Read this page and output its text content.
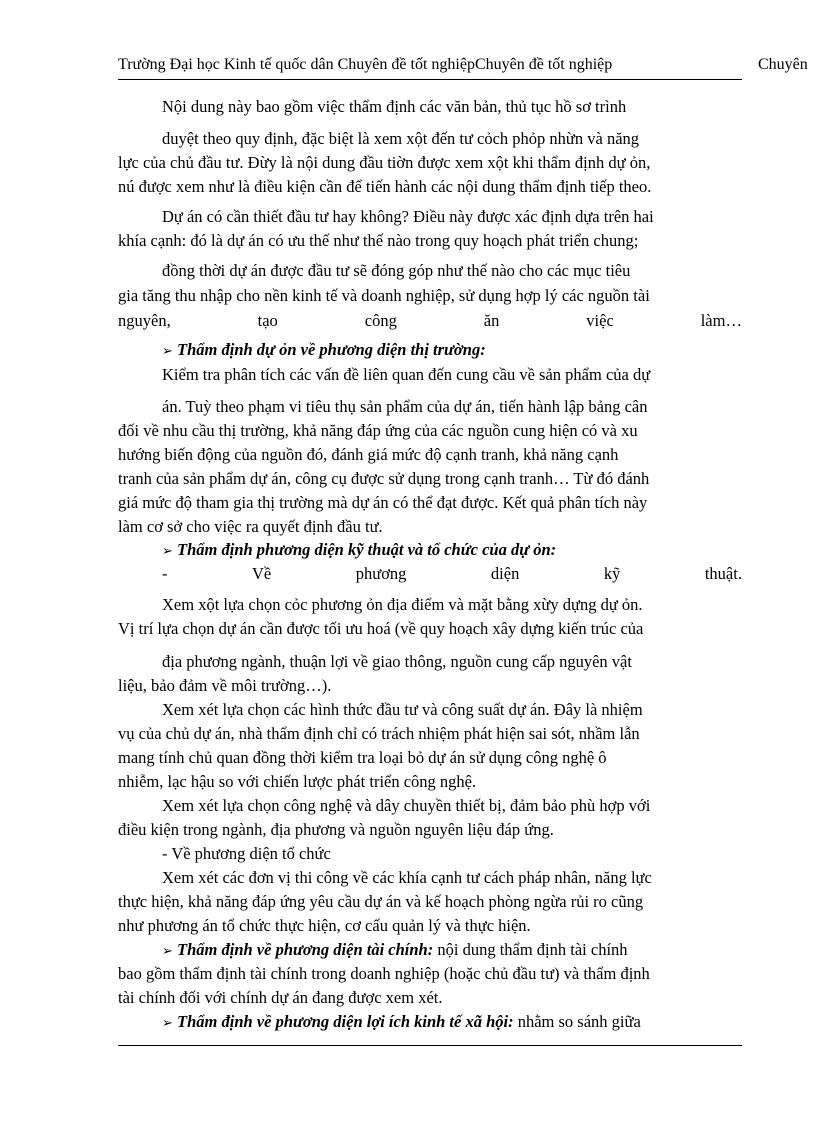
Trường Đại học Kinh tế quốc dân Chuyên đề tốt nghiệpChuyên đề tốt nghiệp	Chuyên
Nội dung này bao gồm việc thẩm định các văn bản, thủ tục hồ sơ trình
duyệt theo quy định, đặc biệt là xem xột đến tư cỏch phỏp nhừn và năng
lực của chủ đầu tư. Đừy là nội dung đầu tiờn được xem xột khi thẩm định dự ỏn,
nú được xem như là điều kiện cần để tiến hành các nội dung thẩm định tiếp theo.
Dự án có cần thiết đầu tư hay không? Điều này được xác định dựa trên hai
khía cạnh: đó là dự án có ưu thế như thế nào trong quy hoạch phát triển chung;
đồng thời dự án được đầu tư sẽ đóng góp như thế nào cho các mục tiêu
gia tăng thu nhập cho nền kinh tế và doanh nghiệp, sử dụng hợp lý các nguồn tài
nguyên,	tạo	công	ăn	việc	làm…
➢ Thẩm định dự ỏn về phương diện thị trường:
Kiểm tra phân tích các vấn đề liên quan đến cung cầu về sản phẩm của dự
án. Tuỳ theo phạm vi tiêu thụ sản phẩm của dự án, tiến hành lập bảng cân
đối về nhu cầu thị trường, khả năng đáp ứng của các nguồn cung hiện có và xu
hướng biến động của nguồn đó, đánh giá mức độ cạnh tranh, khả năng cạnh
tranh của sản phẩm dự án, công cụ được sử dụng trong cạnh tranh… Từ đó đánh
giá mức độ tham gia thị trường mà dự án có thể đạt được. Kết quả phân tích này
làm cơ sở cho việc ra quyết định đầu tư.
➢ Thẩm định phương diện kỹ thuật và tổ chức của dự ỏn:
-	Về	phương	diện	kỹ	thuật.
Xem xột lựa chọn cỏc phương ỏn địa điểm và mặt bằng xừy dựng dự ỏn.
Vị trí lựa chọn dự án cần được tối ưu hoá (về quy hoạch xây dựng kiến trúc của
địa phương ngành, thuận lợi về giao thông, nguồn cung cấp nguyên vật
liệu, bảo đảm về môi trường…).
Xem xét lựa chọn các hình thức đầu tư và công suất dự án. Đây là nhiệm
vụ của chủ dự án, nhà thẩm định chỉ có trách nhiệm phát hiện sai sót, nhầm lẫn
mang tính chủ quan đồng thời kiểm tra loại bỏ dự án sử dụng công nghệ ô
nhiễm, lạc hậu so với chiến lược phát triển công nghệ.
Xem xét lựa chọn công nghệ và dây chuyền thiết bị, đảm bảo phù hợp với
điều kiện trong ngành, địa phương và nguồn nguyên liệu đáp ứng.
- Về phương diện tổ chức
Xem xét các đơn vị thi công về các khía cạnh tư cách pháp nhân, năng lực
thực hiện, khả năng đáp ứng yêu cầu dự án và kế hoạch phòng ngừa rủi ro cũng
như phương án tổ chức thực hiện, cơ cấu quản lý và thực hiện.
➢ Thẩm định về phương diện tài chính: nội dung thẩm định tài chính
bao gồm thẩm định tài chính trong doanh nghiệp (hoặc chủ đầu tư) và thẩm định
tài chính đối với chính dự án đang được xem xét.
➢ Thẩm định về phương diện lợi ích kinh tế xã hội: nhằm so sánh giữa
